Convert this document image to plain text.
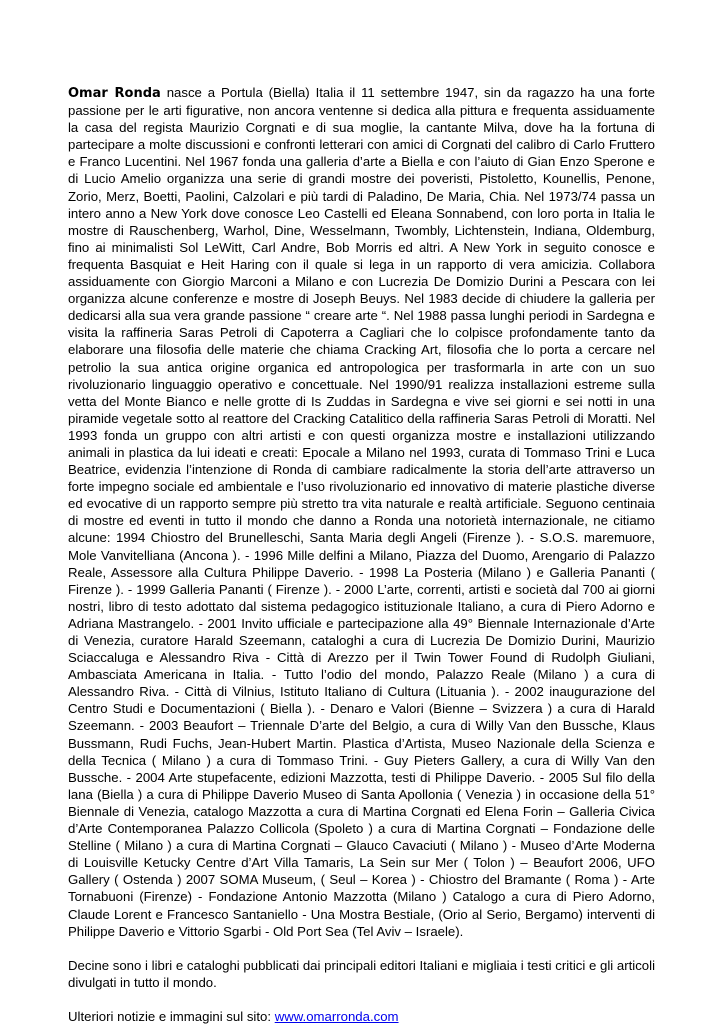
Omar Ronda nasce a Portula (Biella) Italia il 11 settembre 1947, sin da ragazzo ha una forte passione per le arti figurative, non ancora ventenne si dedica alla pittura e frequenta assiduamente la casa del regista Maurizio Corgnati e di sua moglie, la cantante Milva, dove ha la fortuna di partecipare a molte discussioni e confronti letterari con amici di Corgnati del calibro di Carlo Fruttero e Franco Lucentini. Nel 1967 fonda una galleria d’arte a Biella e con l’aiuto di Gian Enzo Sperone e di Lucio Amelio organizza una serie di grandi mostre dei poveristi, Pistoletto, Kounellis, Penone, Zorio, Merz, Boetti, Paolini, Calzolari e più tardi di Paladino, De Maria, Chia. Nel 1973/74 passa un intero anno a New York dove conosce Leo Castelli ed Eleana Sonnabend, con loro porta in Italia le mostre di Rauschenberg, Warhol, Dine, Wesselmann, Twombly, Lichtenstein, Indiana, Oldemburg, fino ai minimalisti Sol LeWitt, Carl Andre, Bob Morris ed altri. A New York in seguito conosce e frequenta Basquiat e Heit Haring con il quale si lega in un rapporto di vera amicizia. Collabora assiduamente con Giorgio Marconi a Milano e con Lucrezia De Domizio Durini a Pescara con lei organizza alcune conferenze e mostre di Joseph Beuys. Nel 1983 decide di chiudere la galleria per dedicarsi alla sua vera grande passione “ creare arte “. Nel 1988 passa lunghi periodi in Sardegna e visita la raffineria Saras Petroli di Capoterra a Cagliari che lo colpisce profondamente tanto da elaborare una filosofia delle materie che chiama Cracking Art, filosofia che lo porta a cercare nel petrolio la sua antica origine organica ed antropologica per trasformarla in arte con un suo rivoluzionario linguaggio operativo e concettuale. Nel 1990/91 realizza installazioni estreme sulla vetta del Monte Bianco e nelle grotte di Is Zuddas in Sardegna e vive sei giorni e sei notti in una piramide vegetale sotto al reattore del Cracking Catalitico della raffineria Saras Petroli di Moratti. Nel 1993 fonda un gruppo con altri artisti e con questi organizza mostre e installazioni utilizzando animali in plastica da lui ideati e creati: Epocale a Milano nel 1993, curata di Tommaso Trini e Luca Beatrice, evidenzia l’intenzione di Ronda di cambiare radicalmente la storia dell’arte attraverso un forte impegno sociale ed ambientale e l’uso rivoluzionario ed innovativo di materie plastiche diverse ed evocative di un rapporto sempre più stretto tra vita naturale e realtà artificiale. Seguono centinaia di mostre ed eventi in tutto il mondo che danno a Ronda una notorietà internazionale, ne citiamo alcune: 1994 Chiostro del Brunelleschi, Santa Maria degli Angeli (Firenze ). - S.O.S. maremuore, Mole Vanvitelliana (Ancona ). - 1996 Mille delfini a Milano, Piazza del Duomo, Arengario di Palazzo Reale, Assessore alla Cultura Philippe Daverio. - 1998 La Posteria (Milano ) e Galleria Pananti ( Firenze ). - 1999 Galleria Pananti ( Firenze ). - 2000 L’arte, correnti, artisti e società dal 700 ai giorni nostri, libro di testo adottato dal sistema pedagogico istituzionale Italiano, a cura di Piero Adorno e Adriana Mastrangelo. - 2001 Invito ufficiale e partecipazione alla 49° Biennale Internazionale d’Arte di Venezia, curatore Harald Szeemann, cataloghi a cura di Lucrezia De Domizio Durini, Maurizio Sciaccaluga e Alessandro Riva - Città di Arezzo per il Twin Tower Found di Rudolph Giuliani, Ambasciata Americana in Italia. - Tutto l’odio del mondo, Palazzo Reale (Milano ) a cura di Alessandro Riva. - Città di Vilnius, Istituto Italiano di Cultura (Lituania ). - 2002 inaugurazione del Centro Studi e Documentazioni ( Biella ). - Denaro e Valori (Bienne – Svizzera ) a cura di Harald Szeemann. - 2003 Beaufort – Triennale D’arte del Belgio, a cura di Willy Van den Bussche, Klaus Bussmann, Rudi Fuchs, Jean-Hubert Martin. Plastica d’Artista, Museo Nazionale della Scienza e della Tecnica ( Milano ) a cura di Tommaso Trini. - Guy Pieters Gallery, a cura di Willy Van den Bussche. - 2004 Arte stupefacente, edizioni Mazzotta, testi di Philippe Daverio. - 2005 Sul filo della lana (Biella ) a cura di Philippe Daverio Museo di Santa Apollonia ( Venezia ) in occasione della 51° Biennale di Venezia, catalogo Mazzotta a cura di Martina Corgnati ed Elena Forin – Galleria Civica d’Arte Contemporanea Palazzo Collicola (Spoleto ) a cura di Martina Corgnati – Fondazione delle Stelline ( Milano ) a cura di Martina Corgnati – Glauco Cavaciuti ( Milano ) - Museo d’Arte Moderna di Louisville Ketucky Centre d’Art Villa Tamaris, La Sein sur Mer ( Tolon ) – Beaufort 2006, UFO Gallery ( Ostenda ) 2007 SOMA Museum, ( Seul – Korea ) - Chiostro del Bramante ( Roma ) - Arte Tornabuoni (Firenze) - Fondazione Antonio Mazzotta (Milano ) Catalogo a cura di Piero Adorno, Claude Lorent e Francesco Santaniello - Una Mostra Bestiale, (Orio al Serio, Bergamo) interventi di Philippe Daverio e Vittorio Sgarbi - Old Port Sea (Tel Aviv – Israele).

Decine sono i libri e cataloghi pubblicati dai principali editori Italiani e migliaia i testi critici e gli articoli divulgati in tutto il mondo.

Ulteriori notizie e immagini sul sito: www.omarronda.com
